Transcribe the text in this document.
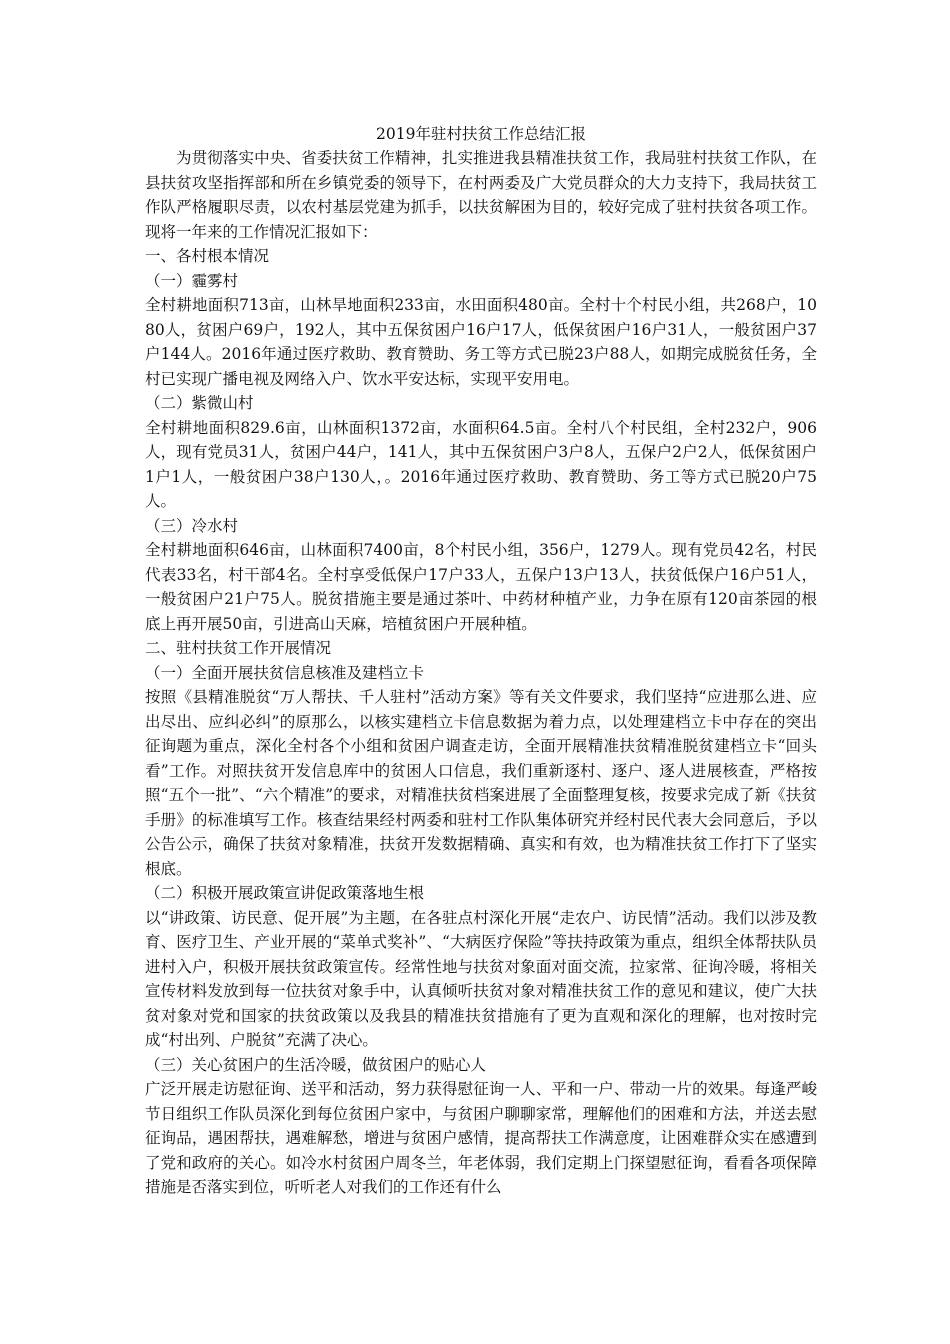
2019年驻村扶贫工作总结汇报

为贯彻落实中央、省委扶贫工作精神，扎实推进我县精准扶贫工作，我局驻村扶贫工作队，在县扶贫攻坚指挥部和所在乡镇党委的领导下，在村两委及广大党员群众的大力支持下，我局扶贫工作队严格履职尽责，以农村基层党建为抓手，以扶贫解困为目的，较好完成了驻村扶贫各项工作。现将一年来的工作情况汇报如下：

一、各村根本情况

（一）霾雾村

全村耕地面积713亩，山林旱地面积233亩，水田面积480亩。全村十个村民小组，共268户，1080人，贫困户69户，192人，其中五保贫困户16户17人，低保贫困户16户31人，一般贫困户37户144人。2016年通过医疗救助、教育赞助、务工等方式已脱23户88人，如期完成脱贫任务，全村已实现广播电视及网络入户、饮水平安达标，实现平安用电。

（二）紫微山村

全村耕地面积829.6亩，山林面积1372亩，水面积64.5亩。全村八个村民组，全村232户，906人，现有党员31人，贫困户44户，141人，其中五保贫困户3户8人，五保户2户2人，低保贫困户1户1人，一般贫困户38户130人，。2016年通过医疗救助、教育赞助、务工等方式已脱20户75人。

（三）冷水村

全村耕地面积646亩，山林面积7400亩，8个村民小组，356户，1279人。现有党员42名，村民代表33名，村干部4名。全村享受低保户17户33人，五保户13户13人，扶贫低保户16户51人，一般贫困户21户75人。脱贫措施主要是通过茶叶、中药材种植产业，力争在原有120亩茶园的根底上再开展50亩，引进高山天麻，培植贫困户开展种植。

二、驻村扶贫工作开展情况

（一）全面开展扶贫信息核准及建档立卡

按照《县精准脱贫“万人帮扶、千人驻村”活动方案》等有关文件要求，我们坚持“应进那么进、应出尽出、应纠必纠”的原那么，以核实建档立卡信息数据为着力点，以处理建档立卡中存在的突出征询题为重点，深化全村各个小组和贫困户调查走访，全面开展精准扶贫精准脱贫建档立卡“回头看”工作。对照扶贫开发信息库中的贫困人口信息，我们重新逐村、逐户、逐人进展核查，严格按照“五个一批”、“六个精准”的要求，对精准扶贫档案进展了全面整理复核，按要求完成了新《扶贫手册》的标准填写工作。核查结果经村两委和驻村工作队集体研究并经村民代表大会同意后，予以公告公示，确保了扶贫对象精准，扶贫开发数据精确、真实和有效，也为精准扶贫工作打下了坚实根底。

（二）积极开展政策宣讲促政策落地生根

以“讲政策、访民意、促开展”为主题，在各驻点村深化开展“走农户、访民情”活动。我们以涉及教育、医疗卫生、产业开展的“菜单式奖补”、“大病医疗保险”等扶持政策为重点，组织全体帮扶队员进村入户，积极开展扶贫政策宣传。经常性地与扶贫对象面对面交流，拉家常、征询冷暖，将相关宣传材料发放到每一位扶贫对象手中，认真倾听扶贫对象对精准扶贫工作的意见和建议，使广大扶贫对象对党和国家的扶贫政策以及我县的精准扶贫措施有了更为直观和深化的理解，也对按时完成“村出列、户脱贫”充满了决心。

（三）关心贫困户的生活冷暖，做贫困户的贴心人

广泛开展走访慰征询、送平和活动，努力获得慰征询一人、平和一户、带动一片的效果。每逢严峻节日组织工作队员深化到每位贫困户家中，与贫困户聊聊家常，理解他们的困难和方法，并送去慰征询品，遇困帮扶，遇难解愁，增进与贫困户感情，提高帮扶工作满意度，让困难群众实在感遭到了党和政府的关心。如冷水村贫困户周冬兰，年老体弱，我们定期上门探望慰征询，看看各项保障措施是否落实到位，听听老人对我们的工作还有什么
